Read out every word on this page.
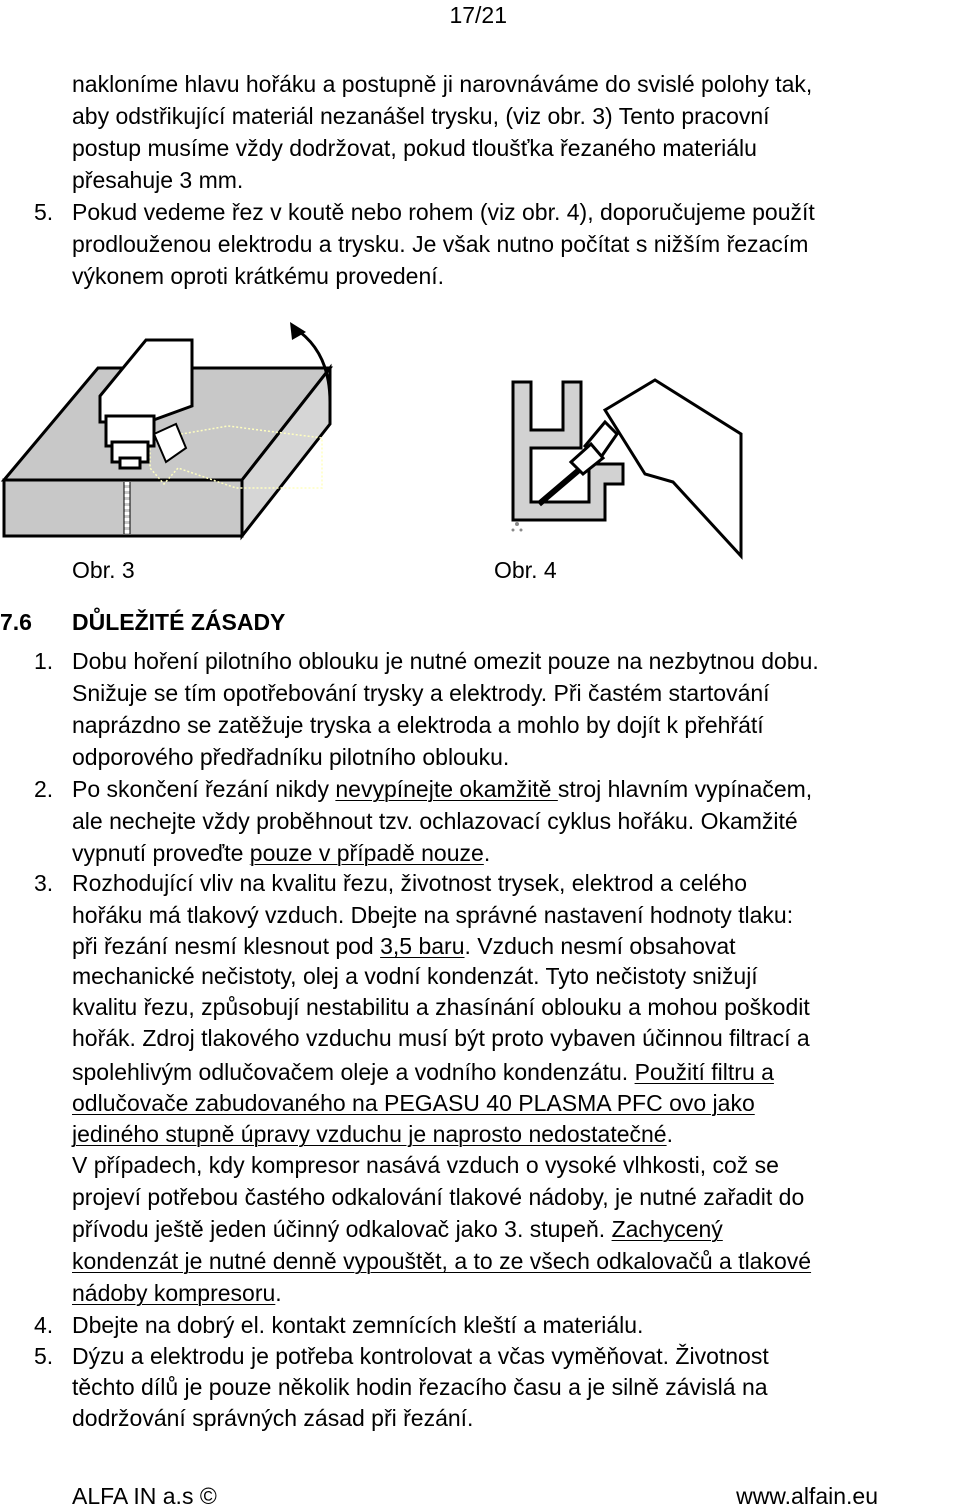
17/21
nakloníme hlavu hořáku a postupně ji narovnáváme do svislé polohy tak,
aby odstřikující materiál nezanášel trysku, (viz obr. 3) Tento pracovní
postup musíme vždy dodržovat, pokud tloušťka řezaného materiálu
přesahuje 3 mm.
5. Pokud vedeme řez v koutě nebo rohem (viz obr. 4), doporučujeme použít
prodlouženou elektrodu a trysku. Je však nutno počítat s nižším řezacím
výkonem oproti krátkému provedení.
Obr. 3	Obr. 4
7.6 DŮLEŽITÉ ZÁSADY
1. Dobu hoření pilotního oblouku je nutné omezit pouze na nezbytnou dobu.
Snižuje se tím opotřebování trysky a elektrody. Při častém startování
naprázdno se zatěžuje tryska a elektroda a mohlo by dojít k přehřátí
odporového předřadníku pilotního oblouku.
2. Po skončení řezání nikdy nevypínejte okamžitě stroj hlavním vypínačem,
ale nechejte vždy proběhnout tzv. ochlazovací cyklus hořáku. Okamžité
vypnutí proveďte pouze v případě nouze.
3. Rozhodující vliv na kvalitu řezu, životnost trysek, elektrod a celého
hořáku má tlakový vzduch. Dbejte na správné nastavení hodnoty tlaku:
při řezání nesmí klesnout pod 3,5 baru. Vzduch nesmí obsahovat
mechanické nečistoty, olej a vodní kondenzát. Tyto nečistoty snižují
kvalitu řezu, způsobují nestabilitu a zhasínání oblouku a mohou poškodit
hořák. Zdroj tlakového vzduchu musí být proto vybaven účinnou filtrací a
spolehlivým odlučovačem oleje a vodního kondenzátu. Použití filtru a
odlučovače zabudovaného na PEGASU 40 PLASMA PFC ovo jako
jediného stupně úpravy vzduchu je naprosto nedostatečné.
V případech, kdy kompresor nasává vzduch o vysoké vlhkosti, což se
projeví potřebou častého odkalování tlakové nádoby, je nutné zařadit do
přívodu ještě jeden účinný odkalovač jako 3. stupeň. Zachycený
kondenzát je nutné denně vypouštět, a to ze všech odkalovačů a tlakové
nádoby kompresoru.
4. Dbejte na dobrý el. kontakt zemnících kleští a materiálu.
5. Dýzu a elektrodu je potřeba kontrolovat a včas vyměňovat. Životnost
těchto dílů je pouze několik hodin řezacího času a je silně závislá na
dodržování správných zásad při řezání.
ALFA IN a.s ©	www.alfain.eu
